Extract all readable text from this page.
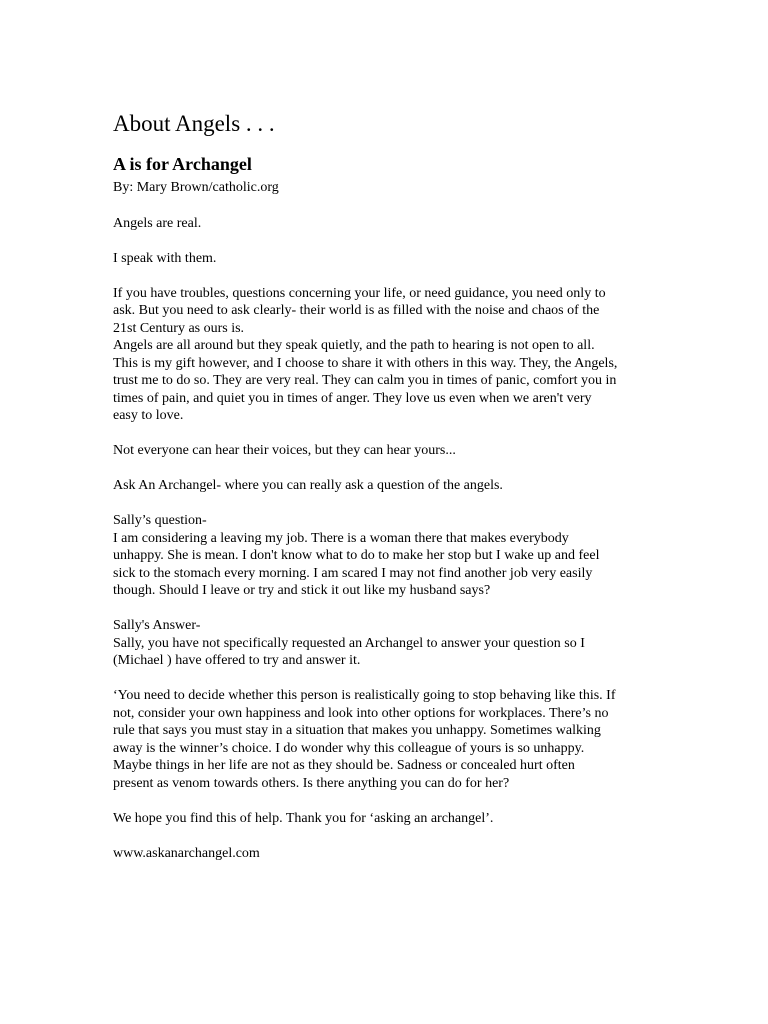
About Angels . . .
A is for Archangel
By: Mary Brown/catholic.org
Angels are real.
I speak with them.
If you have troubles, questions concerning your life, or need guidance, you need only to
ask. But you need to ask clearly- their world is as filled with the noise and chaos of the
21st Century as ours is.
Angels are all around but they speak quietly, and the path to hearing is not open to all.
This is my gift however, and I choose to share it with others in this way. They, the Angels,
trust me to do so. They are very real. They can calm you in times of panic, comfort you in
times of pain, and quiet you in times of anger. They love us even when we aren't very
easy to love.
Not everyone can hear their voices, but they can hear yours...
Ask An Archangel- where you can really ask a question of the angels.
Sally’s question-
I am considering a leaving my job. There is a woman there that makes everybody
unhappy. She is mean. I don't know what to do to make her stop but I wake up and feel
sick to the stomach every morning. I am scared I may not find another job very easily
though. Should I leave or try and stick it out like my husband says?
Sally's Answer-
Sally, you have not specifically requested an Archangel to answer your question so I
(Michael ) have offered to try and answer it.
‘You need to decide whether this person is realistically going to stop behaving like this. If
not, consider your own happiness and look into other options for workplaces. There’s no
rule that says you must stay in a situation that makes you unhappy. Sometimes walking
away is the winner’s choice. I do wonder why this colleague of yours is so unhappy.
Maybe things in her life are not as they should be. Sadness or concealed hurt often
present as venom towards others. Is there anything you can do for her?
We hope you find this of help. Thank you for ‘asking an archangel’.
www.askanarchangel.com
